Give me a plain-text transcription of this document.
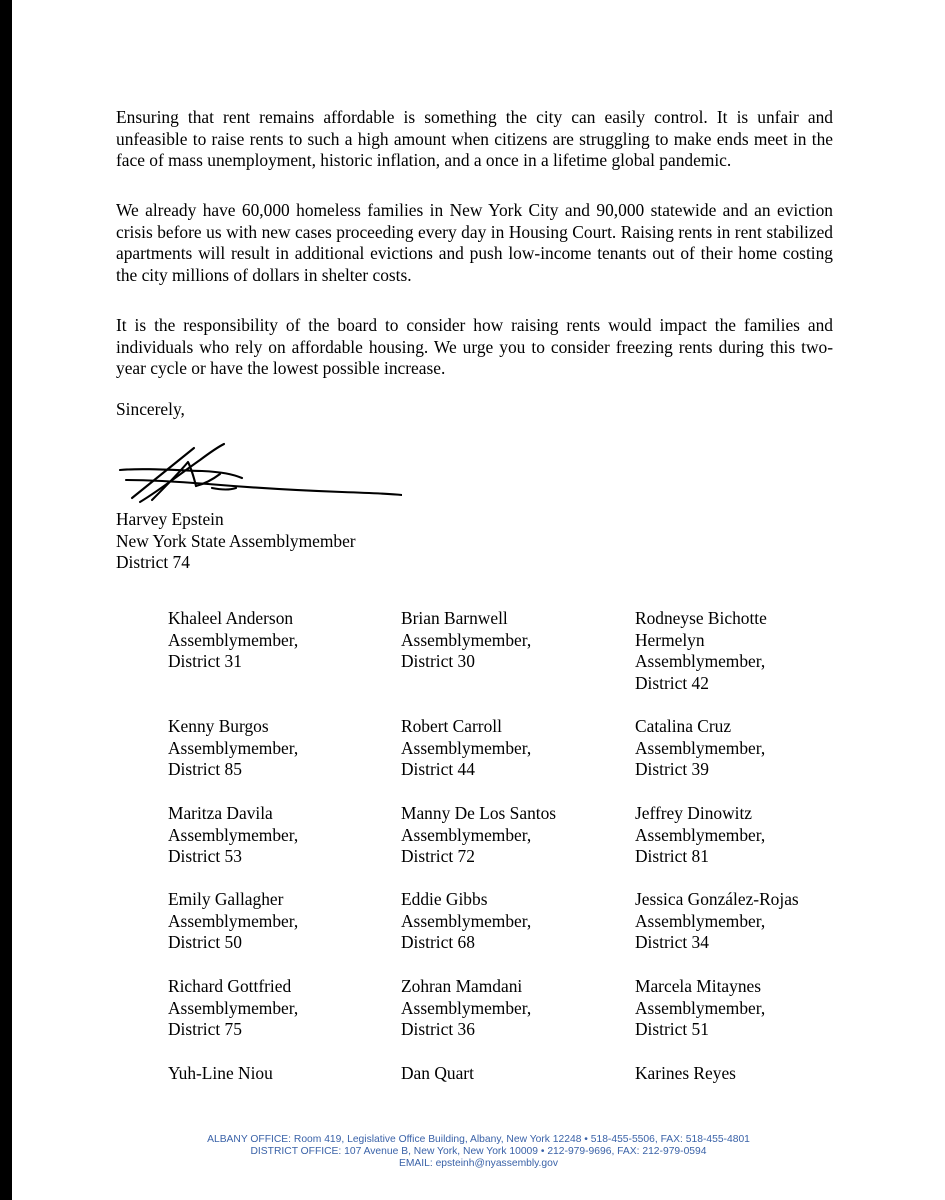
Ensuring that rent remains affordable is something the city can easily control. It is unfair and unfeasible to raise rents to such a high amount when citizens are struggling to make ends meet in the face of mass unemployment, historic inflation, and a once in a lifetime global pandemic.

We already have 60,000 homeless families in New York City and 90,000 statewide and an eviction crisis before us with new cases proceeding every day in Housing Court. Raising rents in rent stabilized apartments will result in additional evictions and push low-income tenants out of their home costing the city millions of dollars in shelter costs.

It is the responsibility of the board to consider how raising rents would impact the families and individuals who rely on affordable housing. We urge you to consider freezing rents during this two-year cycle or have the lowest possible increase.

Sincerely,

Harvey Epstein
New York State Assemblymember
District 74
Khaleel Anderson
Assemblymember,
District 31
Brian Barnwell
Assemblymember,
District 30
Rodneyse Bichotte
Hermelyn
Assemblymember,
District 42
Kenny Burgos
Assemblymember,
District 85
Robert Carroll
Assemblymember,
District 44
Catalina Cruz
Assemblymember,
District 39
Maritza Davila
Assemblymember,
District 53
Manny De Los Santos
Assemblymember,
District 72
Jeffrey Dinowitz
Assemblymember,
District 81
Emily Gallagher
Assemblymember,
District 50
Eddie Gibbs
Assemblymember,
District 68
Jessica González-Rojas
Assemblymember,
District 34
Richard Gottfried
Assemblymember,
District 75
Zohran Mamdani
Assemblymember,
District 36
Marcela Mitaynes
Assemblymember,
District 51
Yuh-Line Niou	Dan Quart	Karines Reyes
ALBANY OFFICE: Room 419, Legislative Office Building, Albany, New York 12248 • 518-455-5506, FAX: 518-455-4801
DISTRICT OFFICE: 107 Avenue B, New York, New York 10009 • 212-979-9696, FAX: 212-979-0594
EMAIL: epsteinh@nyassembly.gov
